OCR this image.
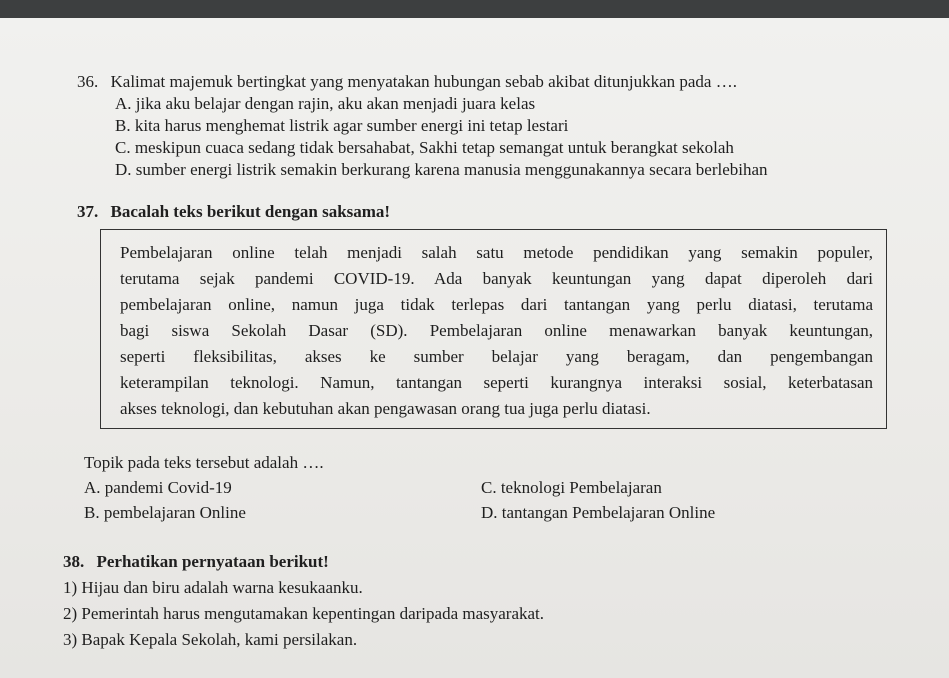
36. Kalimat majemuk bertingkat yang menyatakan hubungan sebab akibat ditunjukkan pada ….
A. jika aku belajar dengan rajin, aku akan menjadi juara kelas
B. kita harus menghemat listrik agar sumber energi ini tetap lestari
C. meskipun cuaca sedang tidak bersahabat, Sakhi tetap semangat untuk berangkat sekolah
D. sumber energi listrik semakin berkurang karena manusia menggunakannya secara berlebihan
37. Bacalah teks berikut dengan saksama!
Pembelajaran online telah menjadi salah satu metode pendidikan yang semakin populer,
terutama sejak pandemi COVID-19. Ada banyak keuntungan yang dapat diperoleh dari
pembelajaran online, namun juga tidak terlepas dari tantangan yang perlu diatasi, terutama
bagi siswa Sekolah Dasar (SD). Pembelajaran online menawarkan banyak keuntungan,
seperti fleksibilitas, akses ke sumber belajar yang beragam, dan pengembangan
keterampilan teknologi. Namun, tantangan seperti kurangnya interaksi sosial, keterbatasan
akses teknologi, dan kebutuhan akan pengawasan orang tua juga perlu diatasi.
Topik pada teks tersebut adalah ….
A. pandemi Covid-19	C. teknologi Pembelajaran
B. pembelajaran Online	D. tantangan Pembelajaran Online
38. Perhatikan pernyataan berikut!
1) Hijau dan biru adalah warna kesukaanku.
2) Pemerintah harus mengutamakan kepentingan daripada masyarakat.
3) Bapak Kepala Sekolah, kami persilakan.
